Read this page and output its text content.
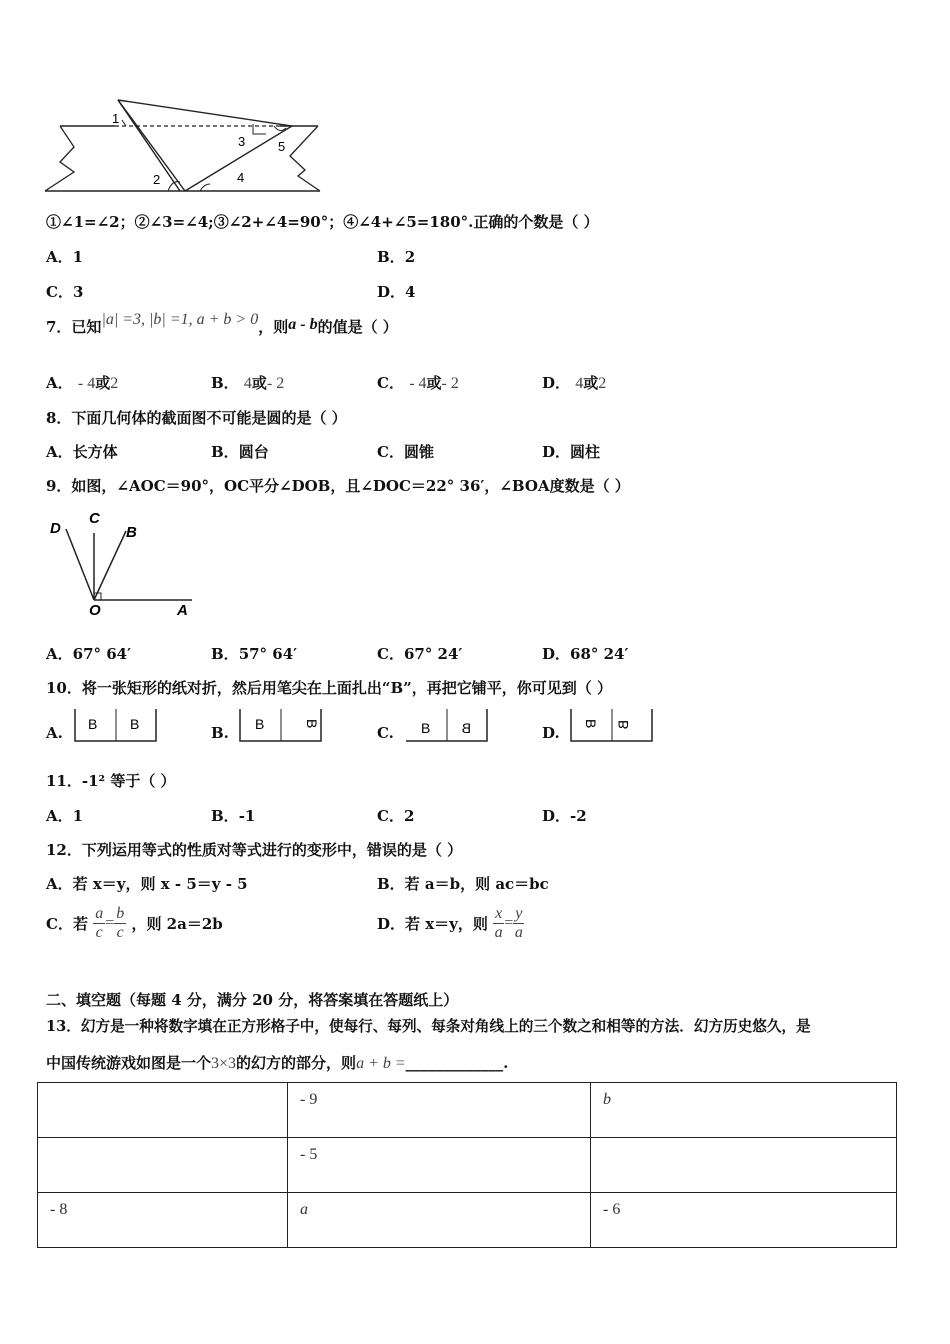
1
2
3
4
5
①∠1=∠2；②∠3=∠4;③∠2+∠4=90°；④∠4+∠5=180°.正确的个数是（ ）
A．1	B．2
C．3	D．4
7．已知|a| =3, |b| =1, a + b > 0，则a - b的值是（ ）
A． - 4或2	B． 4或- 2	C． - 4或- 2	D． 4或2
8．下面几何体的截面图不可能是圆的是（ ）
A．长方体	B．圆台	C．圆锥	D．圆柱
9．如图，∠AOC＝90°，OC平分∠DOB，且∠DOC＝22° 36′，∠BOA度数是（ ）
D
C
B
O	A
A．67° 64′	B．57° 64′	C．67° 24′	D．68° 24′
10．将一张矩形的纸对折，然后用笔尖在上面扎出“B”，再把它铺平，你可见到（ ）
A. B B	B. B	B
C. B B	D.
B B
11．-1² 等于（ ）
A．1	B．-1	C．2	D．-2
12．下列运用等式的性质对等式进行的变形中，错误的是（ ）
A．若 x＝y，则 x - 5＝y - 5	B．若 a＝b，则 ac＝bc
C．若 $\frac{a}{c} = \frac{b}{c}$ ，则 2a＝2b	D．若 x＝y，则 $\frac{x}{a} = \frac{y}{a}$
二、填空题（每题 4 分，满分 20 分，将答案填在答题纸上）
13．幻方是一种将数字填在正方形格子中，使每行、每列、每条对角线上的三个数之和相等的方法．幻方历史悠久，是
中国传统游戏如图是一个3×3的幻方的部分，则a + b =_____________.
	- 9	b
	- 5	
- 8	a	- 6
